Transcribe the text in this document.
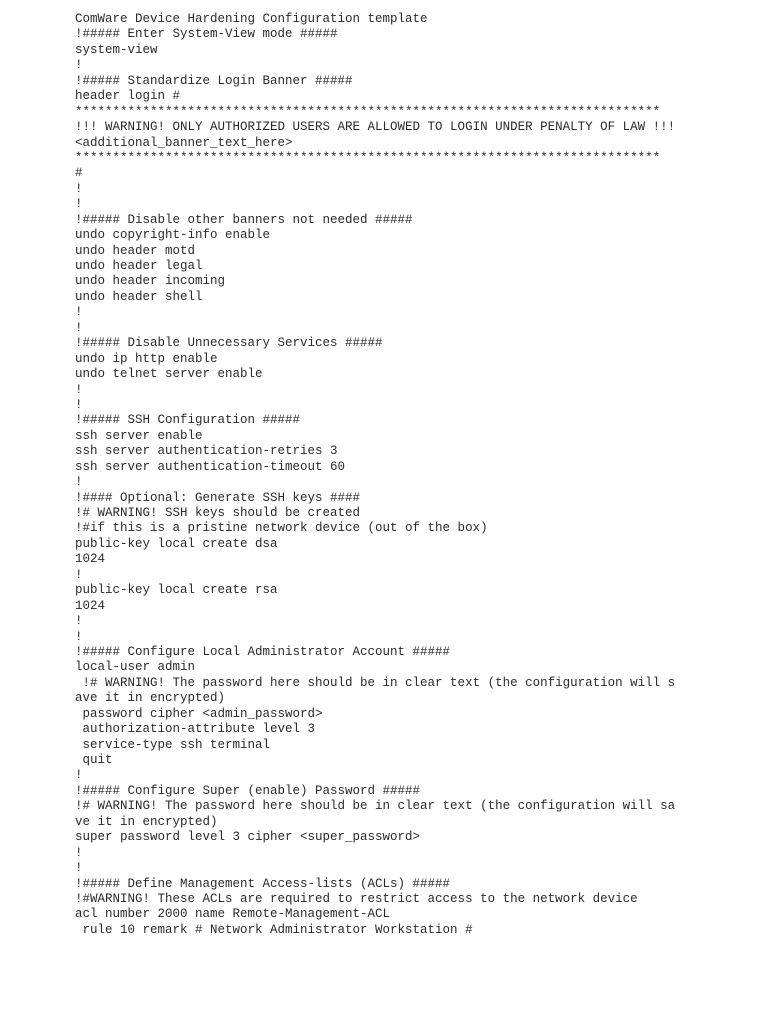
ComWare Device Hardening Configuration template
!##### Enter System-View mode #####
system-view
!
!##### Standardize Login Banner #####
header login #
******************************************************************************
!!! WARNING! ONLY AUTHORIZED USERS ARE ALLOWED TO LOGIN UNDER PENALTY OF LAW !!!
<additional_banner_text_here>
******************************************************************************
#
!
!
!##### Disable other banners not needed #####
undo copyright-info enable
undo header motd
undo header legal
undo header incoming
undo header shell
!
!
!##### Disable Unnecessary Services #####
undo ip http enable
undo telnet server enable
!
!
!##### SSH Configuration #####
ssh server enable
ssh server authentication-retries 3
ssh server authentication-timeout 60
!
!#### Optional: Generate SSH keys ####
!# WARNING! SSH keys should be created
!#if this is a pristine network device (out of the box)
public-key local create dsa
1024
!
public-key local create rsa
1024
!
!
!##### Configure Local Administrator Account #####
local-user admin
!# WARNING! The password here should be in clear text (the configuration will s
ave it in encrypted)
password cipher <admin_password>
authorization-attribute level 3
service-type ssh terminal
quit
!
!##### Configure Super (enable) Password #####
!# WARNING! The password here should be in clear text (the configuration will sa
ve it in encrypted)
super password level 3 cipher <super_password>
!
!
!##### Define Management Access-lists (ACLs) #####
!#WARNING! These ACLs are required to restrict access to the network device
acl number 2000 name Remote-Management-ACL
rule 10 remark # Network Administrator Workstation #
